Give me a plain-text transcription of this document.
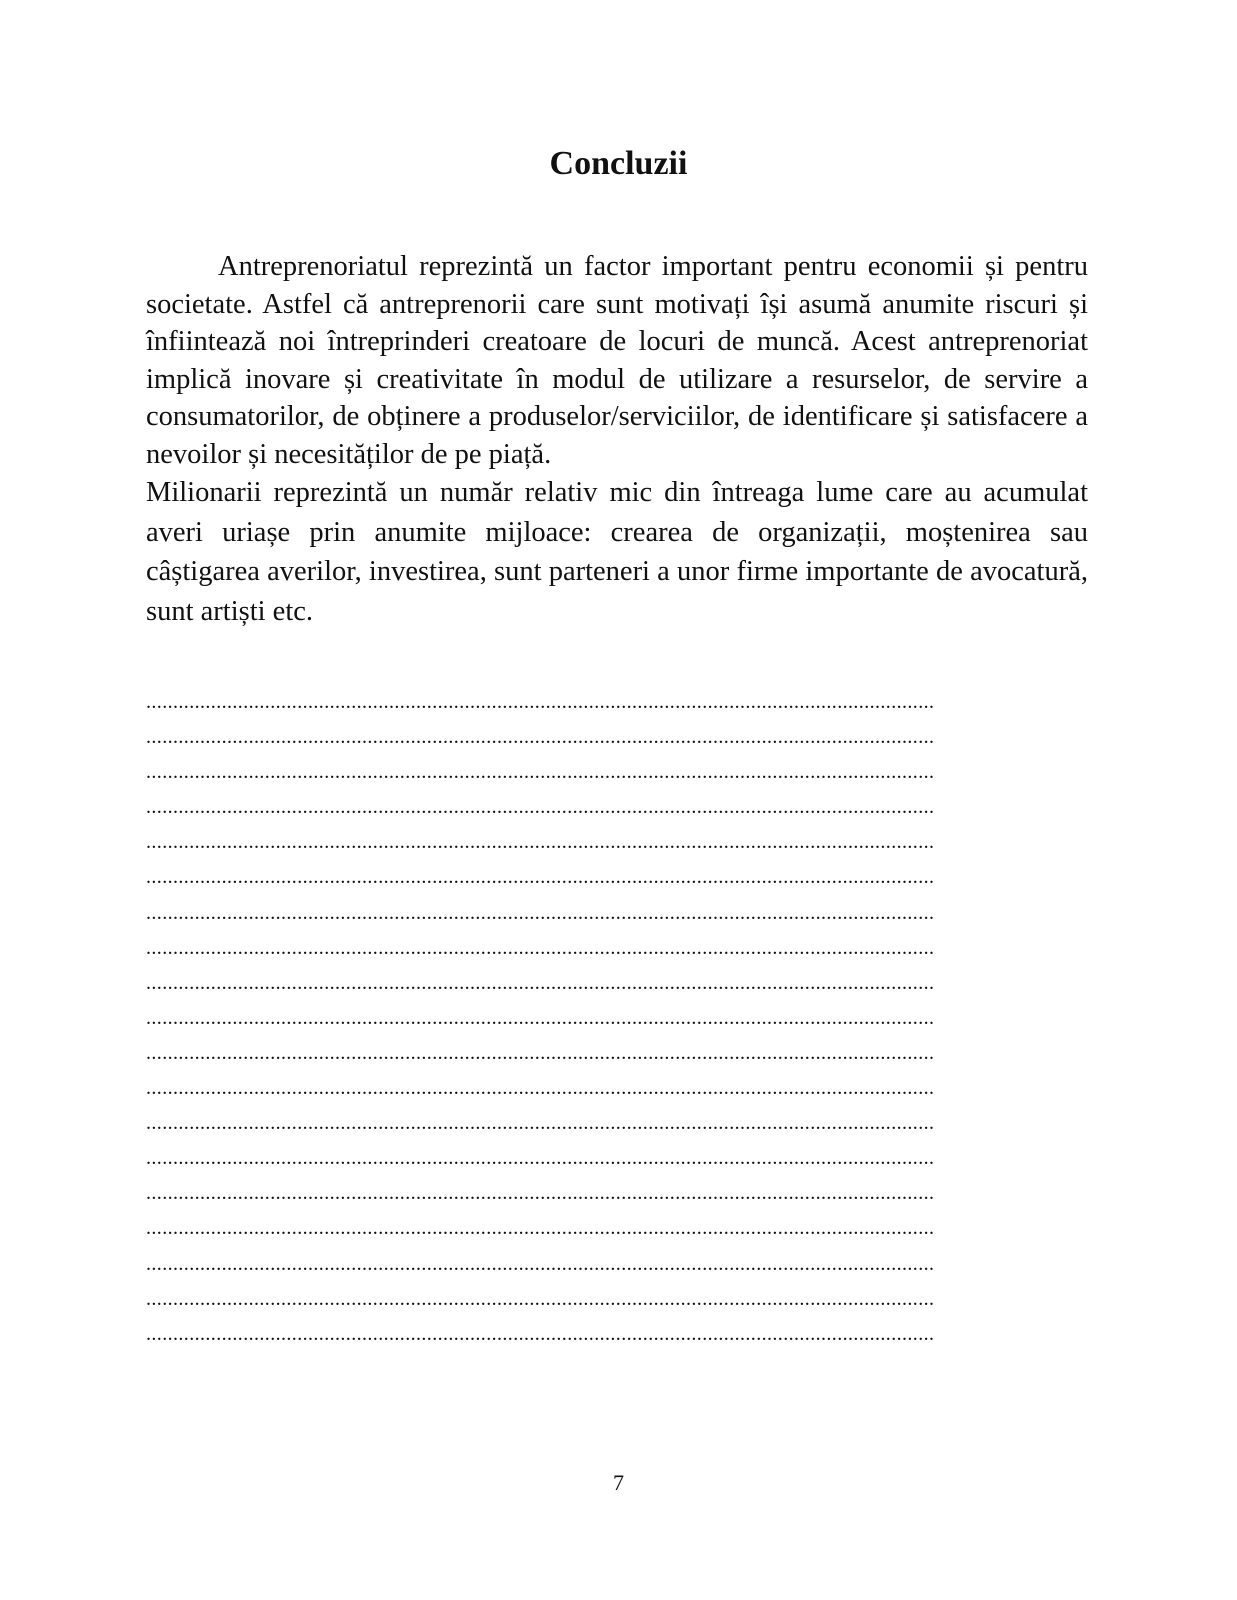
Concluzii

Antreprenoriatul reprezintă un factor important pentru economii și pentru societate. Astfel că antreprenorii care sunt motivați își asumă anumite riscuri și înfiintează noi întreprinderi creatoare de locuri de muncă. Acest antreprenoriat implică inovare și creativitate în modul de utilizare a resurselor, de servire a consumatorilor, de obținere a produselor/serviciilor, de identificare și satisfacere a nevoilor și necesităților de pe piață.

Milionarii reprezintă un număr relativ mic din întreaga lume care au acumulat averi uriașe prin anumite mijloace: crearea de organizații, moștenirea sau câștigarea averilor, investirea, sunt parteneri a unor firme importante de avocatură, sunt artiști etc.

..................................................................................................................................................
..................................................................................................................................................
..................................................................................................................................................
..................................................................................................................................................
..................................................................................................................................................
..................................................................................................................................................
..................................................................................................................................................
..................................................................................................................................................
..................................................................................................................................................
..................................................................................................................................................
..................................................................................................................................................
..................................................................................................................................................
..................................................................................................................................................
..................................................................................................................................................
..................................................................................................................................................
..................................................................................................................................................
..................................................................................................................................................
..................................................................................................................................................
..................................................................................................................................................
7
